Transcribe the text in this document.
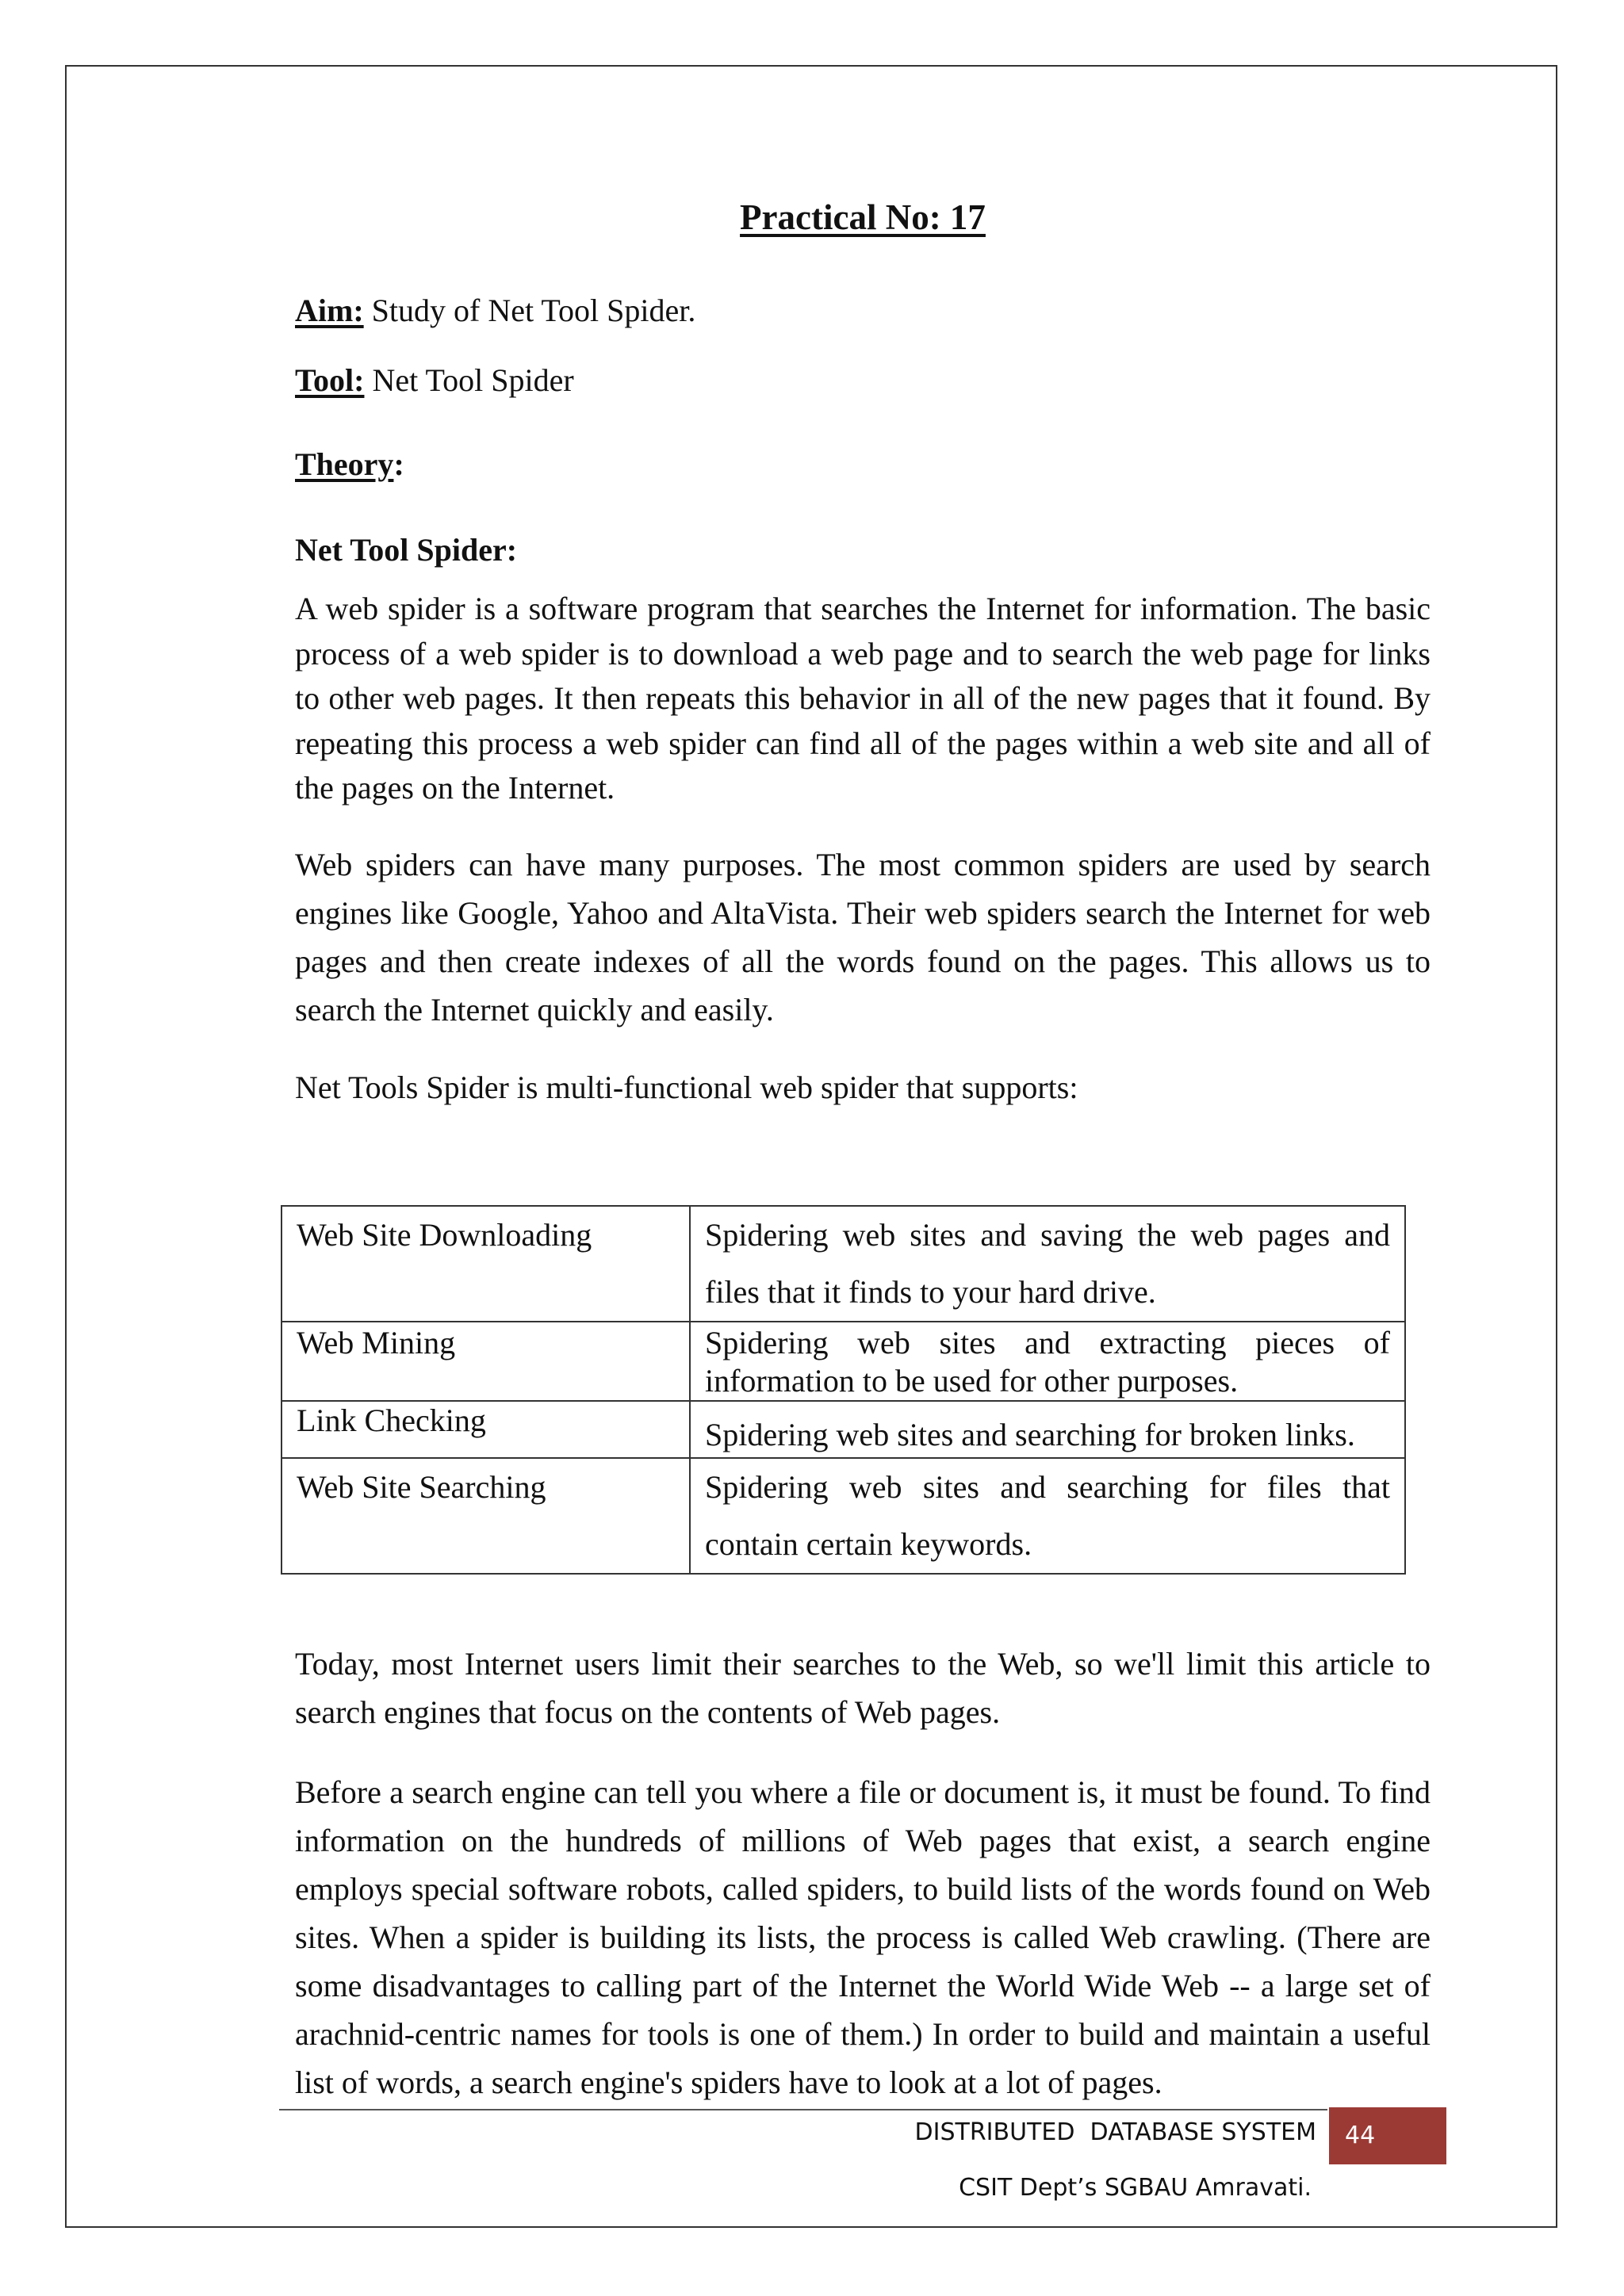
Practical No: 17
Aim: Study of Net Tool Spider.
Tool: Net Tool Spider
Theory:
Net Tool Spider:

A web spider is a software program that searches the Internet for information. The basic process of a web spider is to download a web page and to search the web page for links to other web pages. It then repeats this behavior in all of the new pages that it found. By repeating this process a web spider can find all of the pages within a web site and all of the pages on the Internet.

Web spiders can have many purposes. The most common spiders are used by search engines like Google, Yahoo and AltaVista. Their web spiders search the Internet for web pages and then create indexes of all the words found on the pages. This allows us to search the Internet quickly and easily.

Net Tools Spider is multi-functional web spider that supports:

Today, most Internet users limit their searches to the Web, so we'll limit this article to search engines that focus on the contents of Web pages.

Before a search engine can tell you where a file or document is, it must be found. To find information on the hundreds of millions of Web pages that exist, a search engine employs special software robots, called spiders, to build lists of the words found on Web sites. When a spider is building its lists, the process is called Web crawling. (There are some disadvantages to calling part of the Internet the World Wide Web -- a large set of arachnid-centric names for tools is one of them.) In order to build and maintain a useful list of words, a search engine's spiders have to look at a lot of pages.

Web Site Downloading	Spidering web sites and saving the web pages and files that it finds to your hard drive.
Web Mining	Spidering web sites and extracting pieces of information to be used for other purposes.
Link Checking	Spidering web sites and searching for broken links.
Web Site Searching	Spidering web sites and searching for files that contain certain keywords.
DISTRIBUTED  DATABASE SYSTEM	44
CSIT Dept’s SGBAU Amravati.
